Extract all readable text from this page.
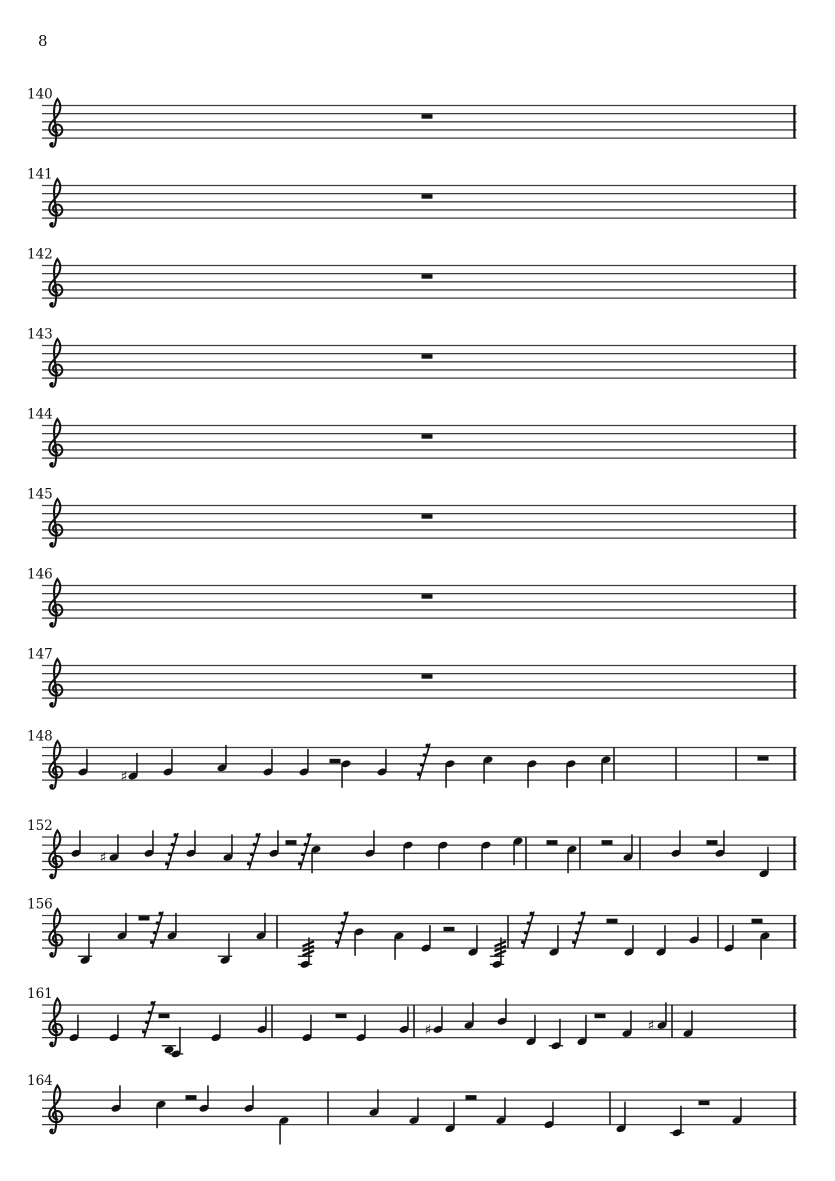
8
140
141
142
143
144
145
146
147
148
♯
152
♯
156
161
♯	♯
164
